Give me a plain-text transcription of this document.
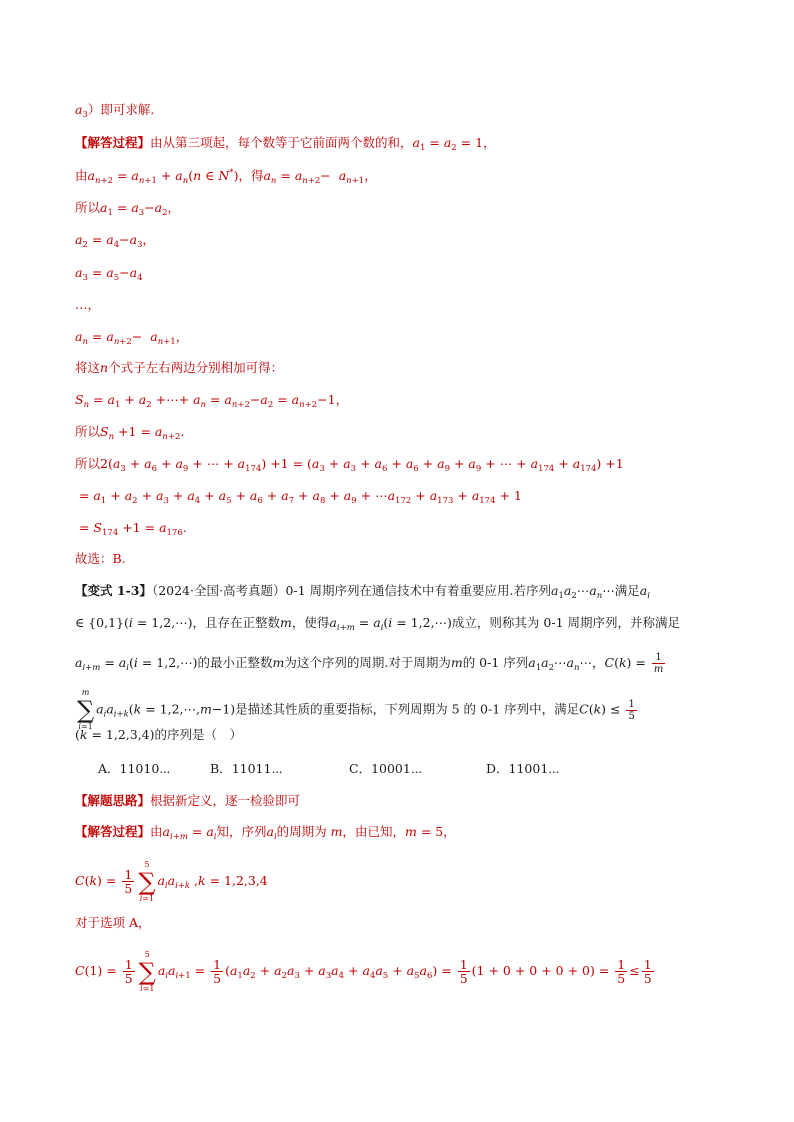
$a_3$）即可求解.
【解答过程】由从第三项起，每个数等于它前面两个数的和，$a_1 = a_2 = 1$，
由$a_{n+2} = a_{n+1} + a_n(n$ ∈ N*)，得$a_n = a_{n+2}- a_{n+1}$，
所以$a_1 = a_3-a_2$，
$a_2 = a_4-a_3$，
$a_3 = a_5-a_4$
…，
$a_n = a_{n+2}- a_{n+1}$，
将这n个式子左右两边分别相加可得：
$S_n = a_1 + a_2$ +⋯+ $a_n = a_{n+2}-a_2 = a_{n+2}-1$，
所以$S_n +1 = a_{n+2}$.
所以$2(a_3 + a_6 + a_9$ + ⋯ + $a_{174}) +1 = (a_3 + a_3 + a_6 + a_6 + a_9 + a_9$ + ⋯ + $a_{174} + a_{174}) +1$
= $a_1 + a_2 + a_3 + a_4 + a_5 + a_6 + a_7 + a_8 + a_9$ + $\cdots a_{172} + a_{173} + a_{174} + 1$
= $S_{174} +1 = a_{176}$.
故选：B.
【变式 1-3】（2024·全国·高考真题）0-1 周期序列在通信技术中有着重要应用.若序列$a_1a_2\cdots a_n\cdots$满足$a_i$
∈ {0,1}(i = 1,2,⋯)，且存在正整数m，使得$a_{i+m} = a_i(i$ = 1,2,⋯)成立，则称其为 0-1 周期序列，并称满足
$a_{i+m} = a_i(i$ = 1,2,⋯)的最小正整数m为这个序列的周期.对于周期为m的 0-1 序列$a_1a_2\cdots a_n\cdots$，$C(k) = \frac{1}{m}$
m
∑
i=1
$a_ia_{i+k}(k$ = 1,2,⋯,m−1)是描述其性质的重要指标，下列周期为 5 的 0-1 序列中，满足$C(k) \le \frac{1}{5}$
(k = 1,2,3,4)的序列是（　）
A．11010⋯	B．11011⋯	C．10001⋯	D．11001⋯
【解题思路】根据新定义，逐一检验即可
【解答过程】由$a_{i+m} = a_i$知，序列$a_i$的周期为 m，由已知，m = 5，
$C(k) = \frac{1}{5}$
5
∑
i=1
$a_ia_{i+k}$ ,k = 1,2,3,4
对于选项 A，
$C(1) = \frac{1}{5}$
5
∑
i=1
$a_ia_{i+1} = \frac{1}{5} (a_1a_2 + a_2a_3 + a_3a_4 + a_4a_5 + a_5a_6) = \frac{1}{5} (1 + 0 + 0 + 0 + 0) = \frac{1}{5} \le \frac{1}{5}$
